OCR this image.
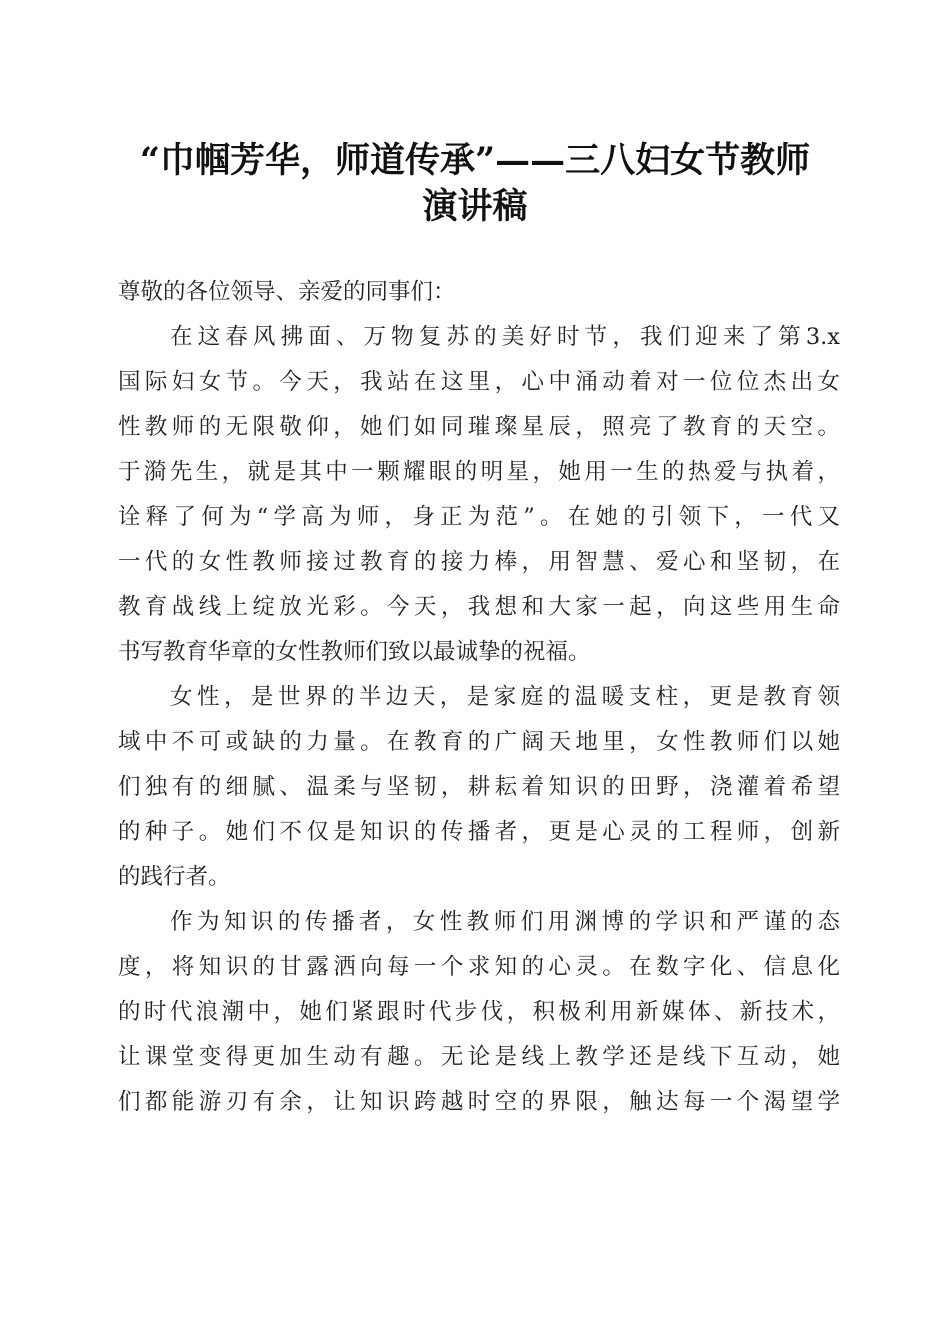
“巾帼芳华，师道传承”——三八妇女节教师
演讲稿
尊敬的各位领导、亲爱的同事们：
在这春风拂面、万物复苏的美好时节，我们迎来了第3.x
国际妇女节。今天，我站在这里，心中涌动着对一位位杰出女
性教师的无限敬仰，她们如同璀璨星辰，照亮了教育的天空。
于漪先生，就是其中一颗耀眼的明星，她用一生的热爱与执着，
诠释了何为“学高为师，身正为范”。在她的引领下，一代又
一代的女性教师接过教育的接力棒，用智慧、爱心和坚韧，在
教育战线上绽放光彩。今天，我想和大家一起，向这些用生命
书写教育华章的女性教师们致以最诚挚的祝福。
女性，是世界的半边天，是家庭的温暖支柱，更是教育领
域中不可或缺的力量。在教育的广阔天地里，女性教师们以她
们独有的细腻、温柔与坚韧，耕耘着知识的田野，浇灌着希望
的种子。她们不仅是知识的传播者，更是心灵的工程师，创新
的践行者。
作为知识的传播者，女性教师们用渊博的学识和严谨的态
度，将知识的甘露洒向每一个求知的心灵。在数字化、信息化
的时代浪潮中，她们紧跟时代步伐，积极利用新媒体、新技术，
让课堂变得更加生动有趣。无论是线上教学还是线下互动，她
们都能游刃有余，让知识跨越时空的界限，触达每一个渴望学
